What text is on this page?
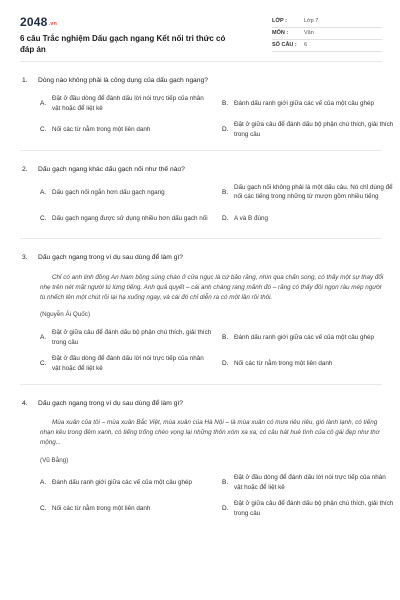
2048.vn
6 câu Trắc nghiệm Dấu gạch ngang Kết nối tri thức có đáp án
LỚP :	Lớp 7
MÔN :	Văn
SỐ CÂU :	6
1.	Dòng nào không phải là công dụng của dấu gạch ngang?
A.
Đặt ở đầu dòng để đánh dấu lời nói trực tiếp của nhân vật hoặc để liệt kê
B. Đánh dấu ranh giới giữa các vế của một câu ghép
C. Nối các từ nằm trong một liên danh	D.
Đặt ở giữa câu để đánh dấu bộ phận chú thích, giải thích trong câu
2.	Dấu gạch ngang khác dấu gạch nối như thế nào?
A. Dấu gạch nối ngắn hơn dấu gạch ngang	B.
Dấu gạch nối không phải là một dấu câu. Nó chỉ dùng để nối các tiếng trong những từ mượn gồm nhiều tiếng
C. Dấu gạch ngang được sử dụng nhiều hơn dấu gạch nối	D. A và B đúng
3.	Dấu gạch ngang trong ví dụ sau dùng để làm gì?
Chỉ có anh linh đồng An Nam bồng súng chào ở cửa ngục là cứ bảo răng, nhìn qua chấn song, có thấy một sự thay đổi nhẹ trên nét mặt người tù lừng tiếng. Anh quả quyết – cái anh chàng rang mãnh đó – răng có thấy đôi ngọn râu mép người tù nhếch lên một chút rồi lại hạ xuống ngay, và cái đó chỉ diễn ra có một lần rồi thôi.
(Nguyễn Ái Quốc)
A.
Đặt ở giữa câu để đánh dấu bộ phận chú thích, giải thích trong câu
B. Đánh dấu ranh giới giữa các vế của một câu ghép
C.
Đặt ở đầu dòng để đánh dấu lời nói trực tiếp của nhân vật hoặc để liệt kê
D. Nối các từ nằm trong một liên danh
4.	Dấu gạch ngang trong ví dụ sau dùng để làm gì?
Mùa xuân của tôi – mùa xuân Bắc Việt, mùa xuân của Hà Nội – là mùa xuân có mưa riêu riêu, gió lành lạnh, có tiếng nhạn kêu trong đêm xanh, có tiếng trống chèo vọng lại những thôn xóm xa xa, có câu hát huê tình của cô gái đẹp như thơ mộng...
(Vũ Bằng)
A. Đánh dấu ranh giới giữa các vế của một câu ghép	B.
Đặt ở đầu dòng để đánh dấu lời nói trực tiếp của nhân vật hoặc để liệt kê
C. Nối các từ nằm trong một liên danh	D.
Đặt ở giữa câu để đánh dấu bộ phận chú thích, giải thích trong câu
